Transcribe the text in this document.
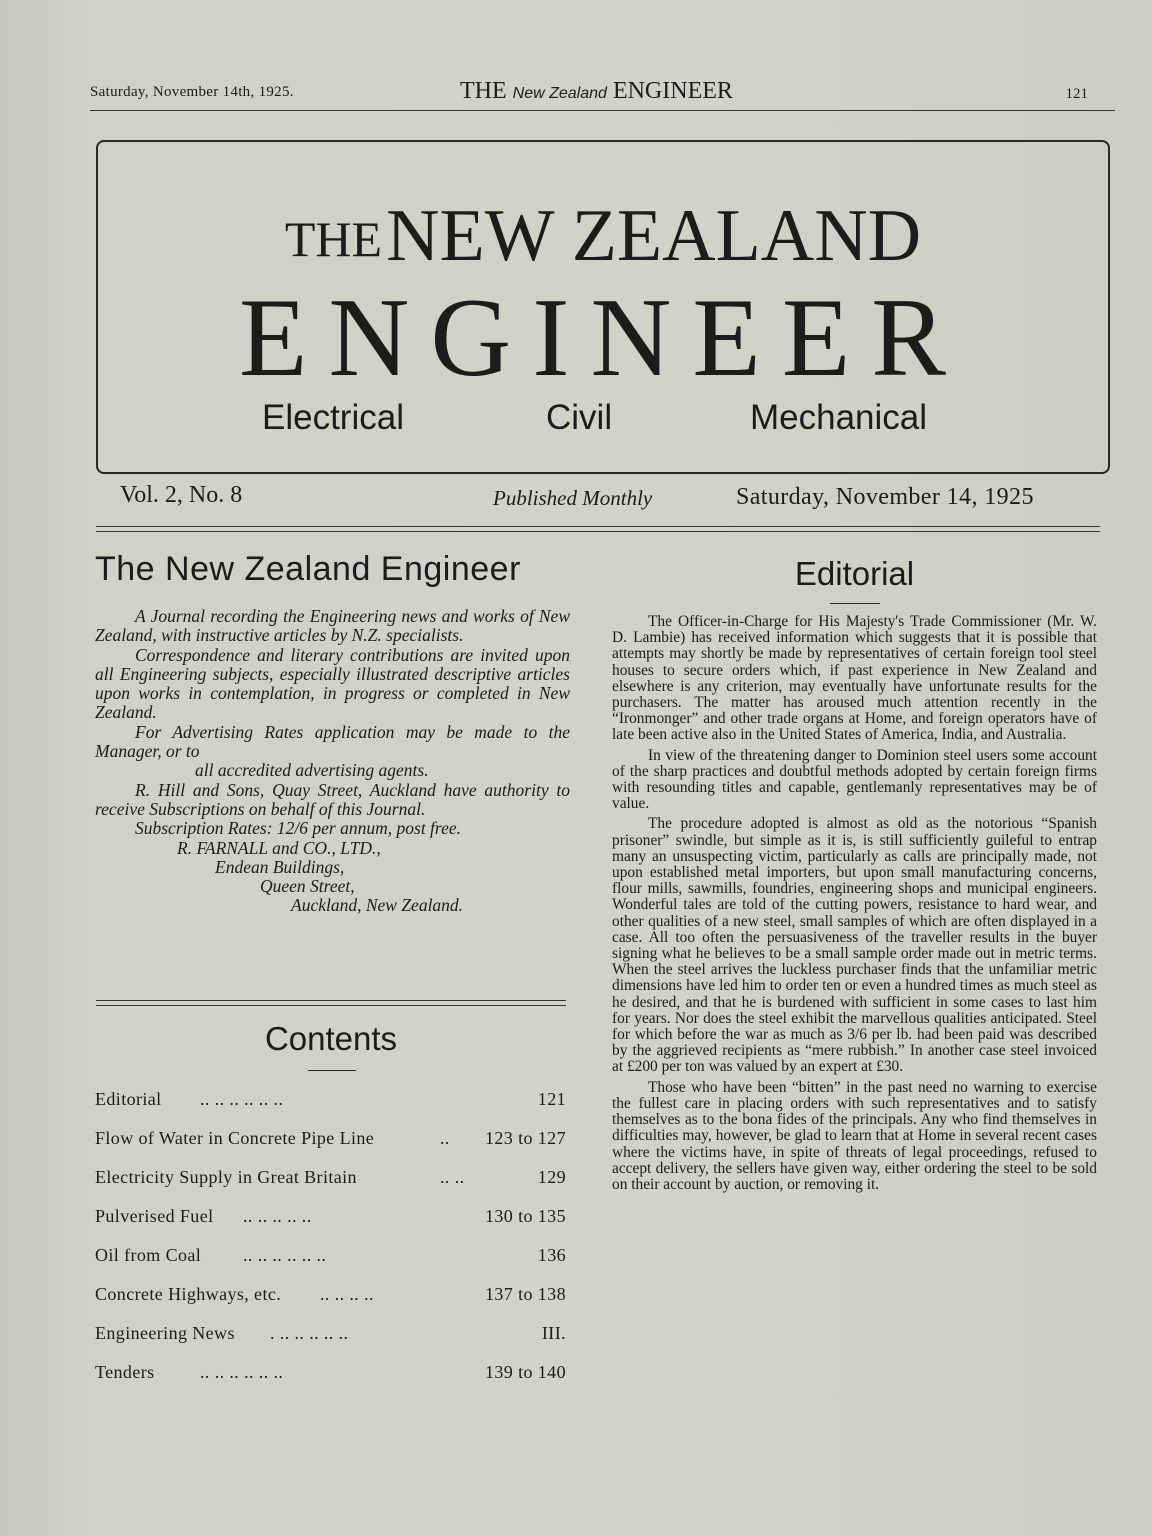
Saturday, November 14th, 1925.	THE New Zealand ENGINEER	121
THE NEW ZEALAND
ENGINEER
Electrical	Civil	Mechanical
Vol. 2, No. 8	Published Monthly	Saturday, November 14, 1925
The New Zealand Engineer

A Journal recording the Engineering news and works of New Zealand, with instructive articles by N.Z. specialists.

Correspondence and literary contributions are invited upon all Engineering subjects, especially illustrated descriptive articles upon works in contemplation, in progress or completed in New Zealand.

For Advertising Rates application may be made to the Manager, or to

all accredited advertising agents.

R. Hill and Sons, Quay Street, Auckland have authority to receive Subscriptions on behalf of this Journal.

Subscription Rates: 12/6 per annum, post free.

R. FARNALL and CO., LTD.,

Endean Buildings,

Queen Street,

Auckland, New Zealand.

Contents
Editorial .. .. .. .. .. ..	121
Flow of Water in Concrete Pipe Line	.. 123 to 127
Electricity Supply in Great Britain	.. ..	129
Pulverised Fuel .. .. .. .. ..	130 to 135
Oil from Coal .. .. .. .. .. ..	136
Concrete Highways, etc. .. .. .. ..	137 to 138
Engineering News . .. .. .. .. ..	III.
Tenders	.. .. .. .. .. ..	139 to 140
Editorial

The Officer-in-Charge for His Majesty's Trade Commissioner (Mr. W. D. Lambie) has received information which suggests that it is possible that attempts may shortly be made by representatives of certain foreign tool steel houses to secure orders which, if past experience in New Zealand and elsewhere is any criterion, may eventually have unfortunate results for the purchasers. The matter has aroused much attention recently in the “Ironmonger” and other trade organs at Home, and foreign operators have of late been active also in the United States of America, India, and Australia.

In view of the threatening danger to Dominion steel users some account of the sharp practices and doubtful methods adopted by certain foreign firms with resounding titles and capable, gentlemanly representatives may be of value.

The procedure adopted is almost as old as the notorious “Spanish prisoner” swindle, but simple as it is, is still sufficiently guileful to entrap many an unsuspecting victim, particularly as calls are principally made, not upon established metal importers, but upon small manufacturing concerns, flour mills, sawmills, foundries, engineering shops and municipal engineers. Wonderful tales are told of the cutting powers, resistance to hard wear, and other qualities of a new steel, small samples of which are often displayed in a case. All too often the persuasiveness of the traveller results in the buyer signing what he believes to be a small sample order made out in metric terms. When the steel arrives the luckless purchaser finds that the unfamiliar metric dimensions have led him to order ten or even a hundred times as much steel as he desired, and that he is burdened with sufficient in some cases to last him for years. Nor does the steel exhibit the marvellous qualities anticipated. Steel for which before the war as much as 3/6 per lb. had been paid was described by the aggrieved recipients as “mere rubbish.” In another case steel invoiced at £200 per ton was valued by an expert at £30.

Those who have been “bitten” in the past need no warning to exercise the fullest care in placing orders with such representatives and to satisfy themselves as to the bona fides of the principals. Any who find themselves in difficulties may, however, be glad to learn that at Home in several recent cases where the victims have, in spite of threats of legal proceedings, refused to accept delivery, the sellers have given way, either ordering the steel to be sold on their account by auction, or removing it.
